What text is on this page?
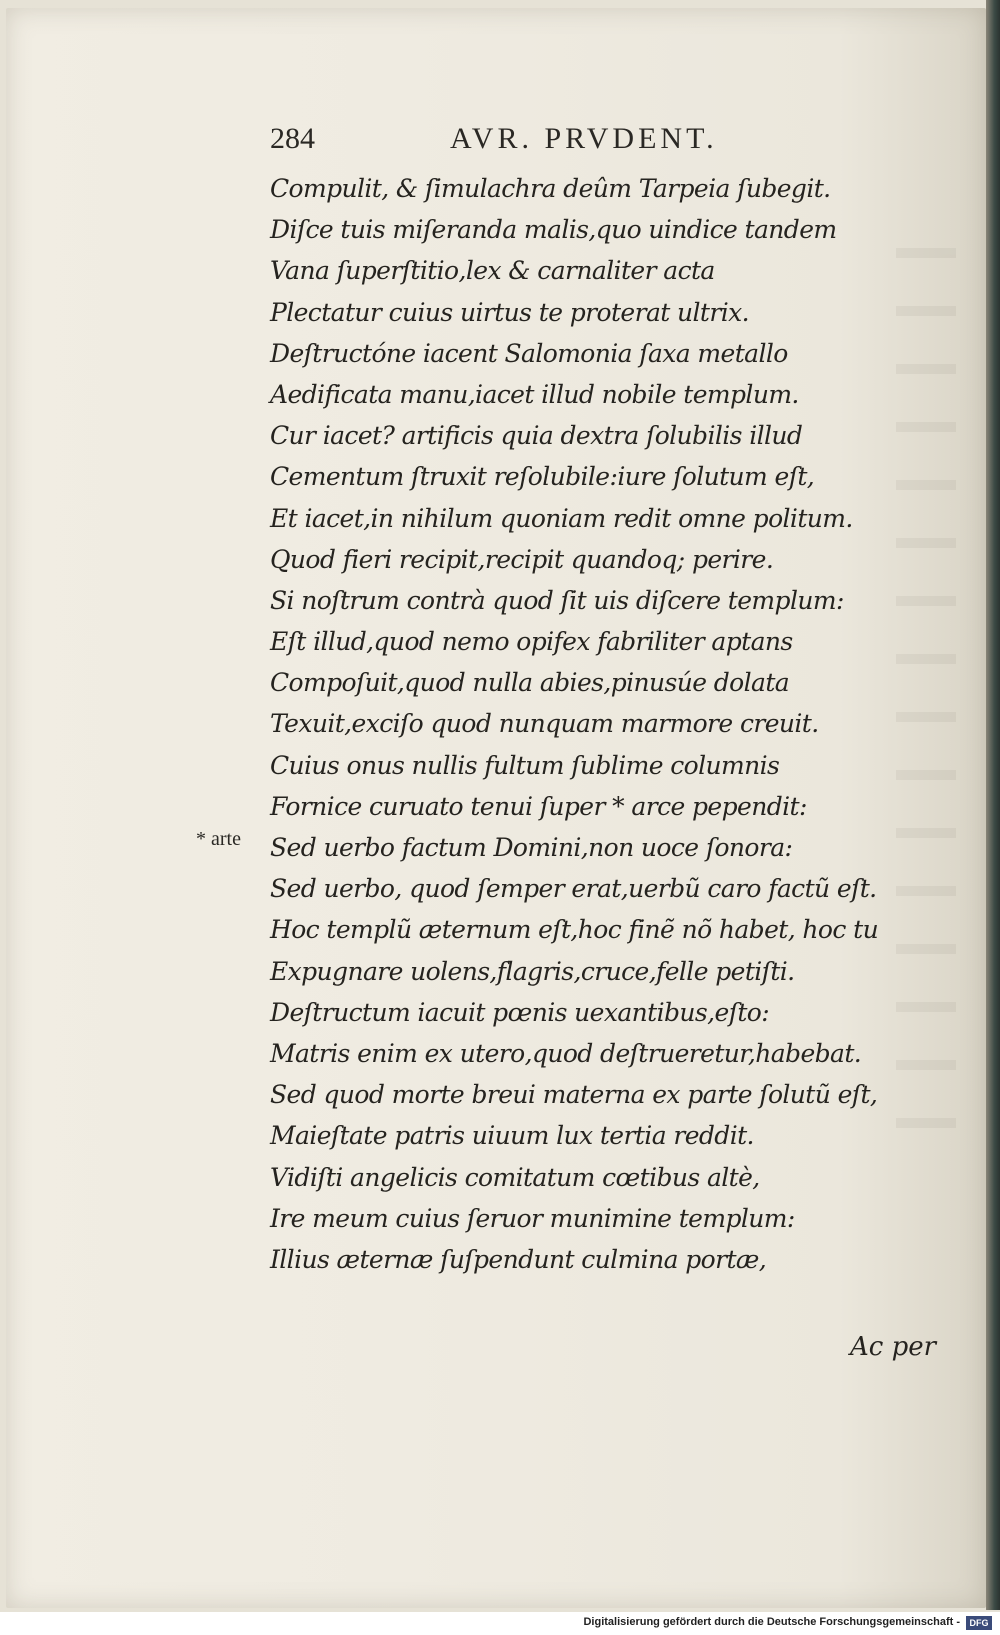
284	AVR. PRVDENT.
Compulit, & ſimulachra deûm Tarpeia ſubegit.
Diſce tuis miſeranda malis,quo uindice tandem
Vana ſuperſtitio,lex & carnaliter acta
Plectatur cuius uirtus te proterat ultrix.
Deſtructóne iacent Salomonia ſaxa metallo
Aedificata manu,iacet illud nobile templum.
Cur iacet? artificis quia dextra ſolubilis illud
Cementum ſtruxit reſolubile:iure ſolutum eſt,
Et iacet,in nihilum quoniam redit omne politum.
Quod fieri recipit,recipit quandoq; perire.
Si noſtrum contrà quod ſit uis diſcere templum:
Eſt illud,quod nemo opifex fabriliter aptans
Compoſuit,quod nulla abies,pinusúe dolata
Texuit,exciſo quod nunquam marmore creuit.
Cuius onus nullis fultum ſublime columnis
Fornice curuato tenui ſuper * arce pependit:
Sed uerbo factum Domini,non uoce ſonora:
Sed uerbo, quod ſemper erat,uerbũ caro factũ eſt.
Hoc templũ æternum eſt,hoc finẽ nõ habet, hoc tu
Expugnare uolens,flagris,cruce,felle petiſti.
Deſtructum iacuit pœnis uexantibus,eſto:
Matris enim ex utero,quod deſtrueretur,habebat.
Sed quod morte breui materna ex parte ſolutũ eſt,
Maieſtate patris uiuum lux tertia reddit.
Vidiſti angelicis comitatum cœtibus altè,
Ire meum cuius ſeruor munimine templum:
Illius æternæ ſuſpendunt culmina portæ,
* arte
Ac per
Digitalisierung gefördert durch die Deutsche Forschungsgemeinschaft -	DFG
